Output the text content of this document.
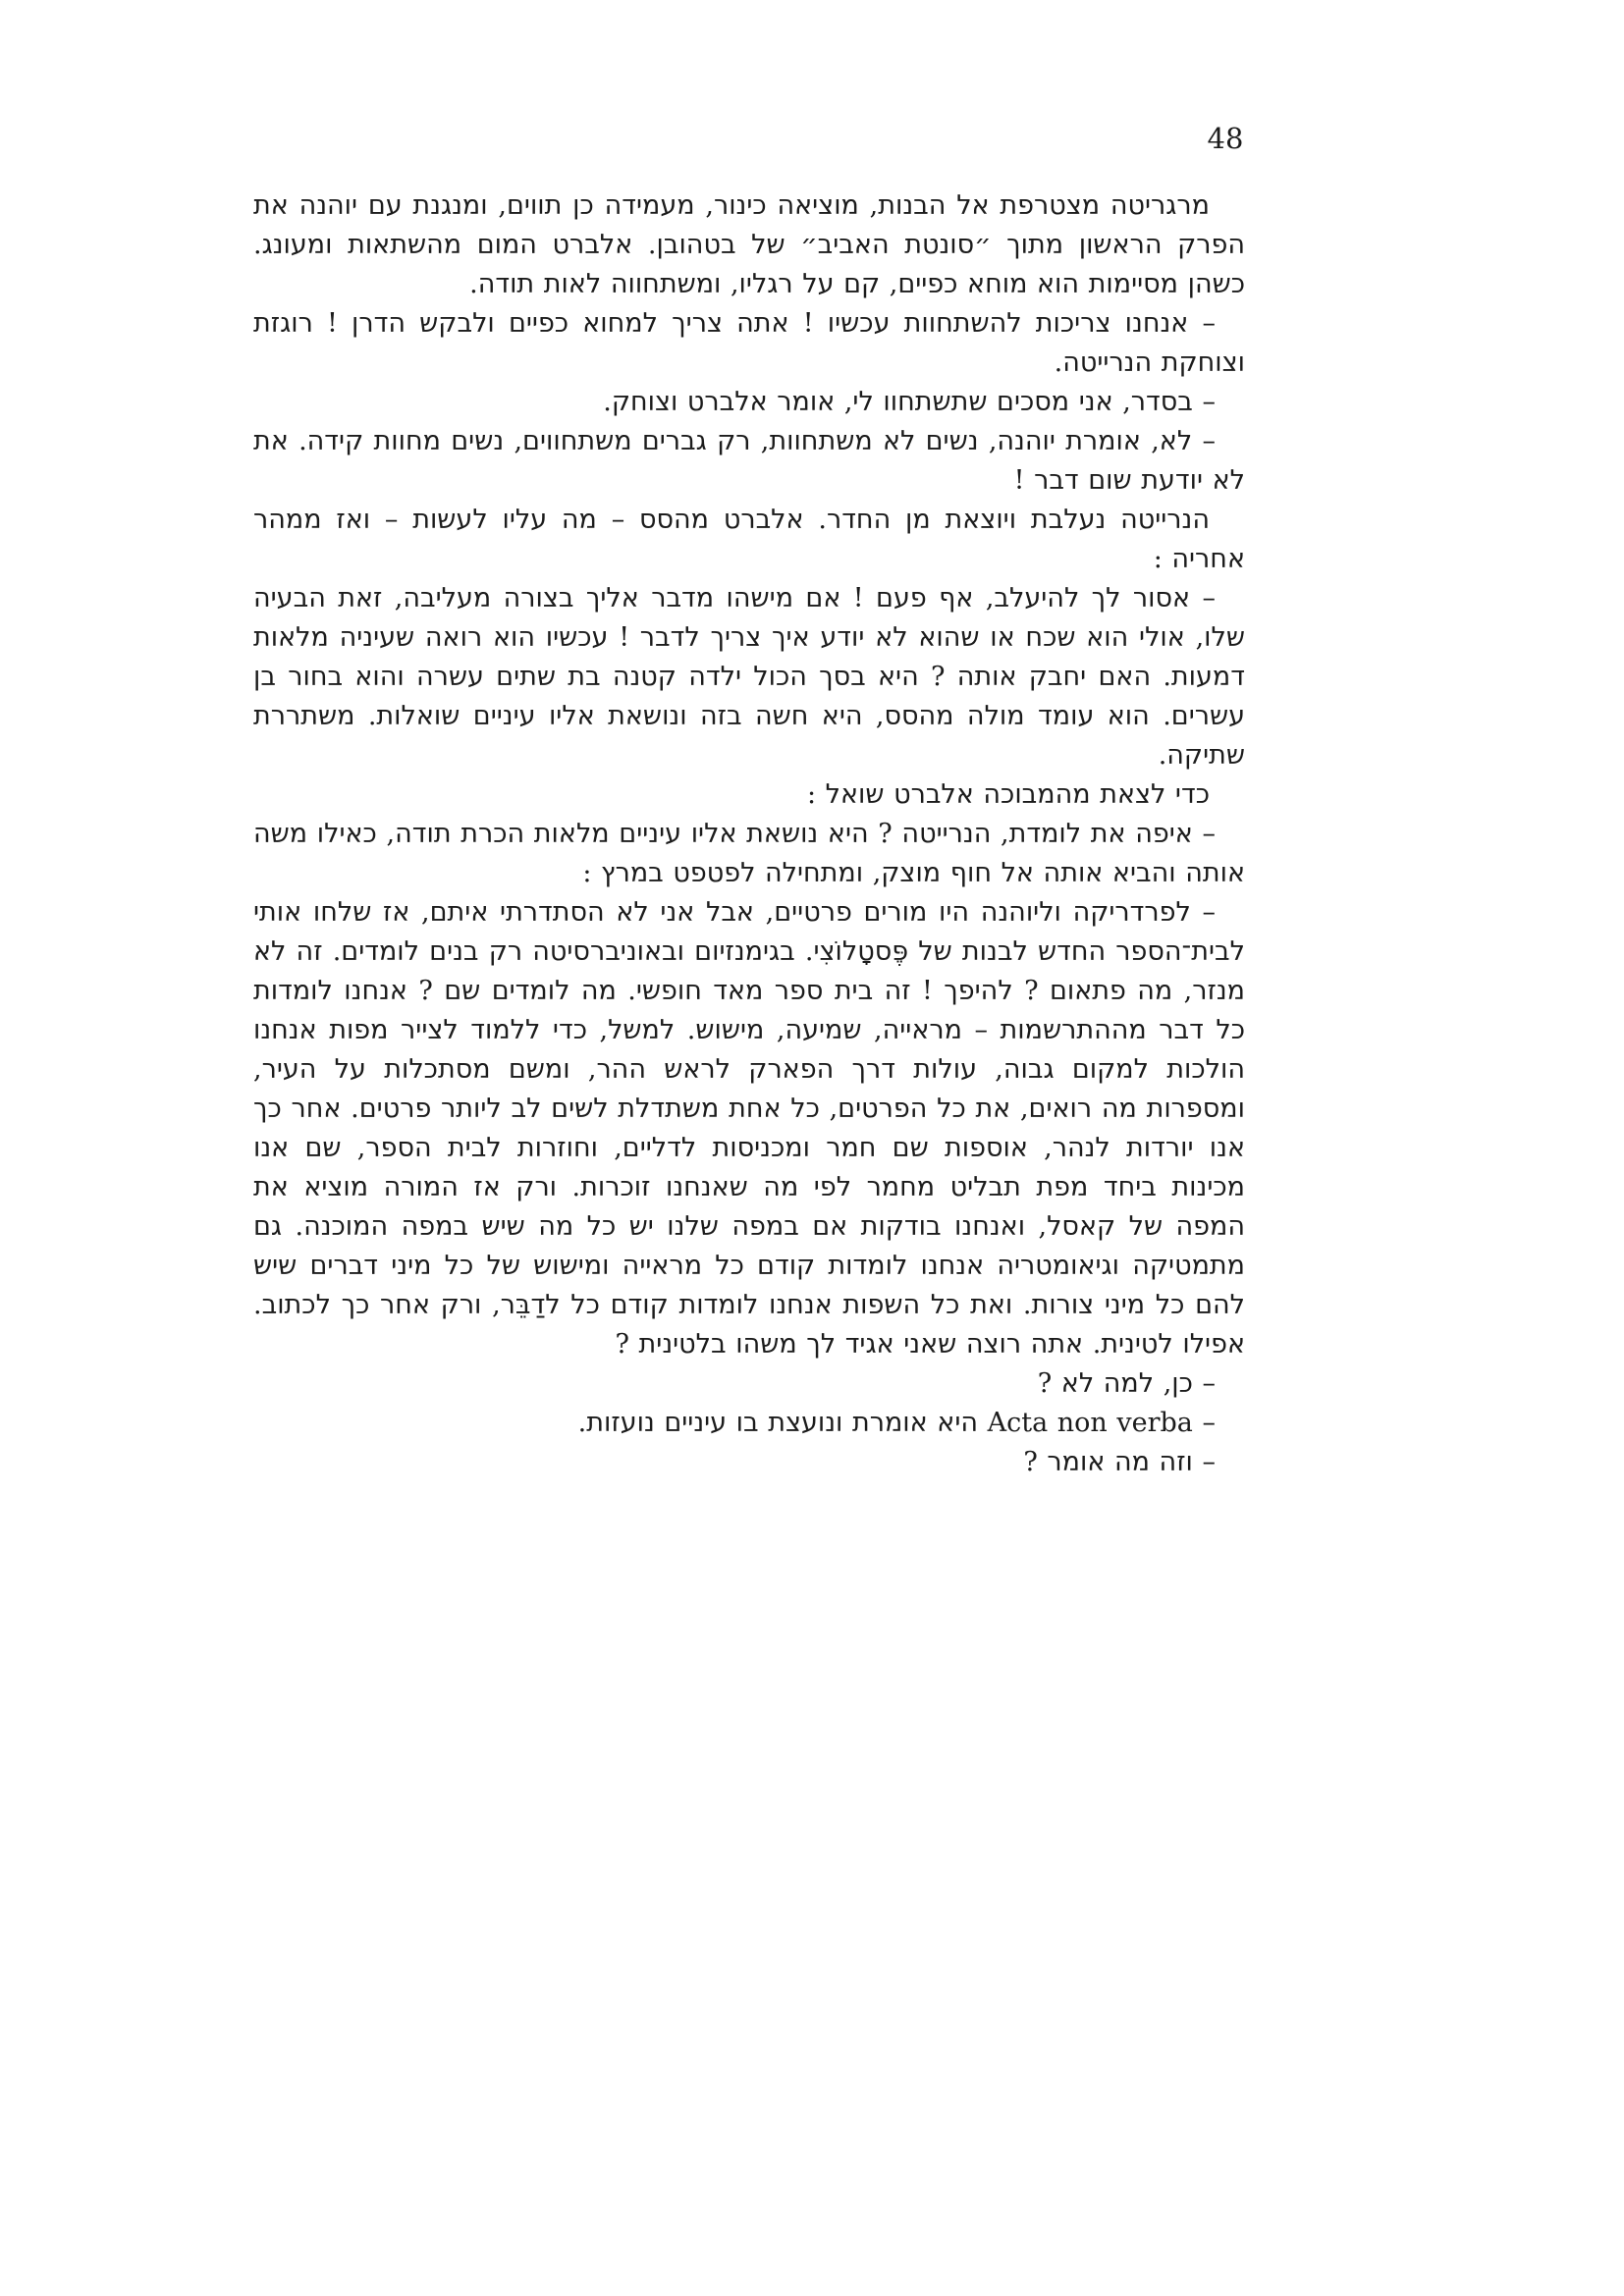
48

מרגריטה מצטרפת אל הבנות, מוציאה כינור, מעמידה כן תווים, ומנגנת עם יוהנה את הפרק הראשון מתוך ״סונטת האביב״ של בטהובן. אלברט המום מהשתאות ומעונג. כשהן מסיימות הוא מוחא כפיים, קם על רגליו, ומשתחווה לאות תודה.

– אנחנו צריכות להשתחוות עכשיו ! אתה צריך למחוא כפיים ולבקש הדרן ! רוגזת וצוחקת הנרייטה.

– בסדר, אני מסכים שתשתחוו לי, אומר אלברט וצוחק.

– לא, אומרת יוהנה, נשים לא משתחוות, רק גברים משתחווים, נשים מחוות קידה. את לא יודעת שום דבר !

הנרייטה נעלבת ויוצאת מן החדר. אלברט מהסס – מה עליו לעשות – ואז ממהר אחריה :

– אסור לך להיעלב, אף פעם ! אם מישהו מדבר אליך בצורה מעליבה, זאת הבעיה שלו, אולי הוא שכח או שהוא לא יודע איך צריך לדבר ! עכשיו הוא רואה שעיניה מלאות דמעות. האם יחבק אותה ? היא בסך הכול ילדה קטנה בת שתים עשרה והוא בחור בן עשרים. הוא עומד מולה מהסס, היא חשה בזה ונושאת אליו עיניים שואלות. משתררת שתיקה.

כדי לצאת מהמבוכה אלברט שואל :

– איפה את לומדת, הנרייטה ? היא נושאת אליו עיניים מלאות הכרת תודה, כאילו משה אותה והביא אותה אל חוף מוצק, ומתחילה לפטפט במרץ :

– לפרדריקה וליוהנה היו מורים פרטיים, אבל אני לא הסתדרתי איתם, אז שלחו אותי לבית־הספר החדש לבנות של פֶּסטָלוֹצִי. בגימנזיום ובאוניברסיטה רק בנים לומדים. זה לא מנזר, מה פתאום ? להיפך ! זה בית ספר מאד חופשי. מה לומדים שם ? אנחנו לומדות כל דבר מההתרשמות – מראייה, שמיעה, מישוש. למשל, כדי ללמוד לצייר מפות אנחנו הולכות למקום גבוה, עולות דרך הפארק לראש ההר, ומשם מסתכלות על העיר, ומספרות מה רואים, את כל הפרטים, כל אחת משתדלת לשים לב ליותר פרטים. אחר כך אנו יורדות לנהר, אוספות שם חמר ומכניסות לדליים, וחוזרות לבית הספר, שם אנו מכינות ביחד מפת תבליט מחמר לפי מה שאנחנו זוכרות. ורק אז המורה מוציא את המפה של קאסל, ואנחנו בודקות אם במפה שלנו יש כל מה שיש במפה המוכנה. גם מתמטיקה וגיאומטריה אנחנו לומדות קודם כל מראייה ומישוש של כל מיני דברים שיש להם כל מיני צורות. ואת כל השפות אנחנו לומדות קודם כל לדַבֵּר, ורק אחר כך לכתוב. אפילו לטינית. אתה רוצה שאני אגיד לך משהו בלטינית ?

– כן, למה לא ?

– Acta non verba היא אומרת ונועצת בו עיניים נועזות.

– וזה מה אומר ?
